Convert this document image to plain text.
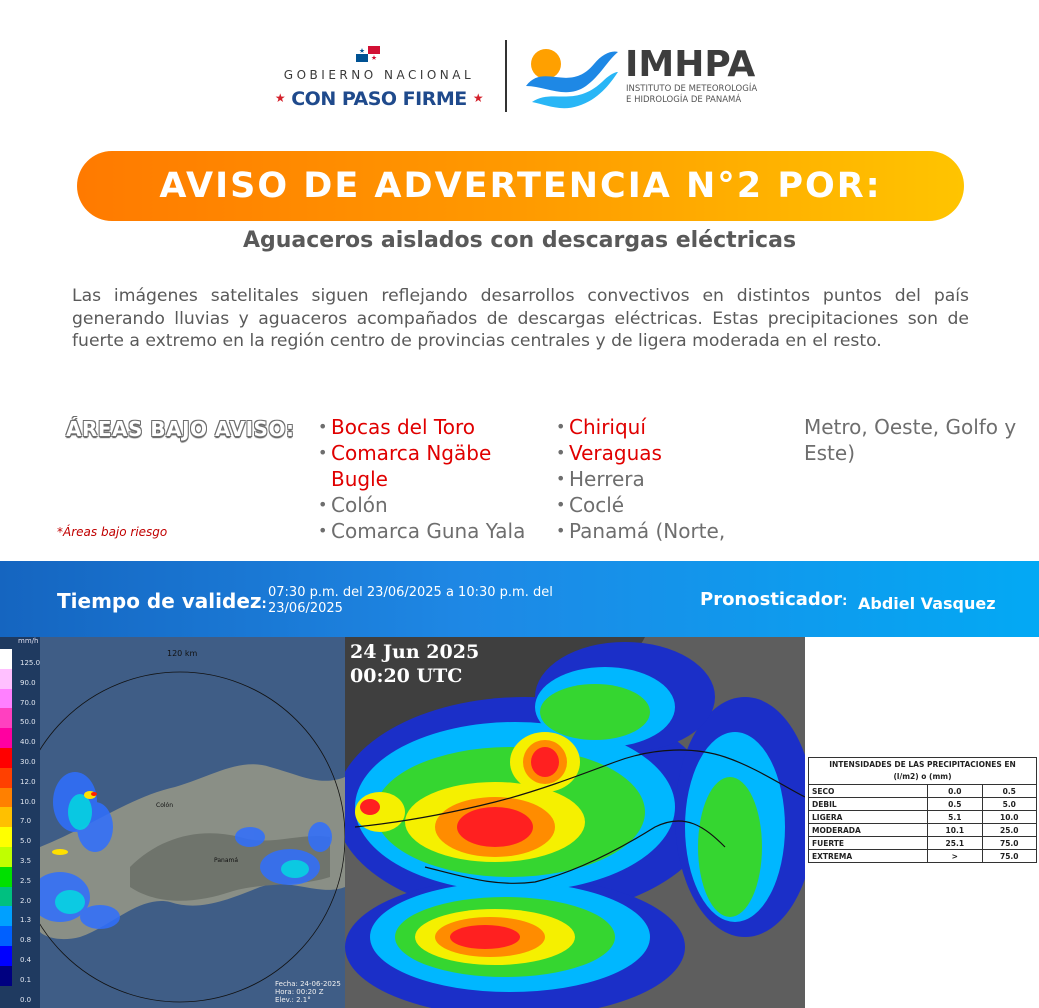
GOBIERNO NACIONAL
★ CON PASO FIRME ★
IMHPA
INSTITUTO DE METEOROLOGÍA
E HIDROLOGÍA DE PANAMÁ
AVISO DE ADVERTENCIA N°2 POR:
Aguaceros aislados con descargas eléctricas
Las imágenes satelitales siguen reflejando desarrollos convectivos en distintos puntos del país generando lluvias y aguaceros acompañados de descargas eléctricas. Estas precipitaciones son de fuerte a extremo en la región centro de provincias centrales y de ligera moderada en el resto.
ÁREAS BAJO AVISO:
*Áreas bajo riesgo
• Bocas del Toro
• Comarca Ngäbe Bugle
• Colón
• Comarca Guna Yala
• Chiriquí
• Veraguas
• Herrera
• Coclé
• Panamá (Norte,
Metro, Oeste, Golfo y Este)
Tiempo de validez:
07:30 p.m. del 23/06/2025 a 10:30 p.m. del 23/06/2025	Pronosticador: Abdiel Vasquez
mm/h
125.0
90.0
70.0
50.0
40.0
30.0
12.0
10.0
7.0
5.0
3.5
2.5
2.0
1.3
0.8
0.4
0.1
0.0
120 km
Colón
Panamá
Fecha: 24-06-2025
Hora: 00:20 Z
Elev.: 2.1°
24 Jun 2025
00:20 UTC
INTENSIDADES DE LAS PRECIPITACIONES EN
(l/m2) o (mm)		

SECO	0.0	0.5
DEBIL	0.5	5.0
LIGERA	5.1	10.0
MODERADA	10.1	25.0
FUERTE	25.1	75.0
EXTREMA	>	75.0
